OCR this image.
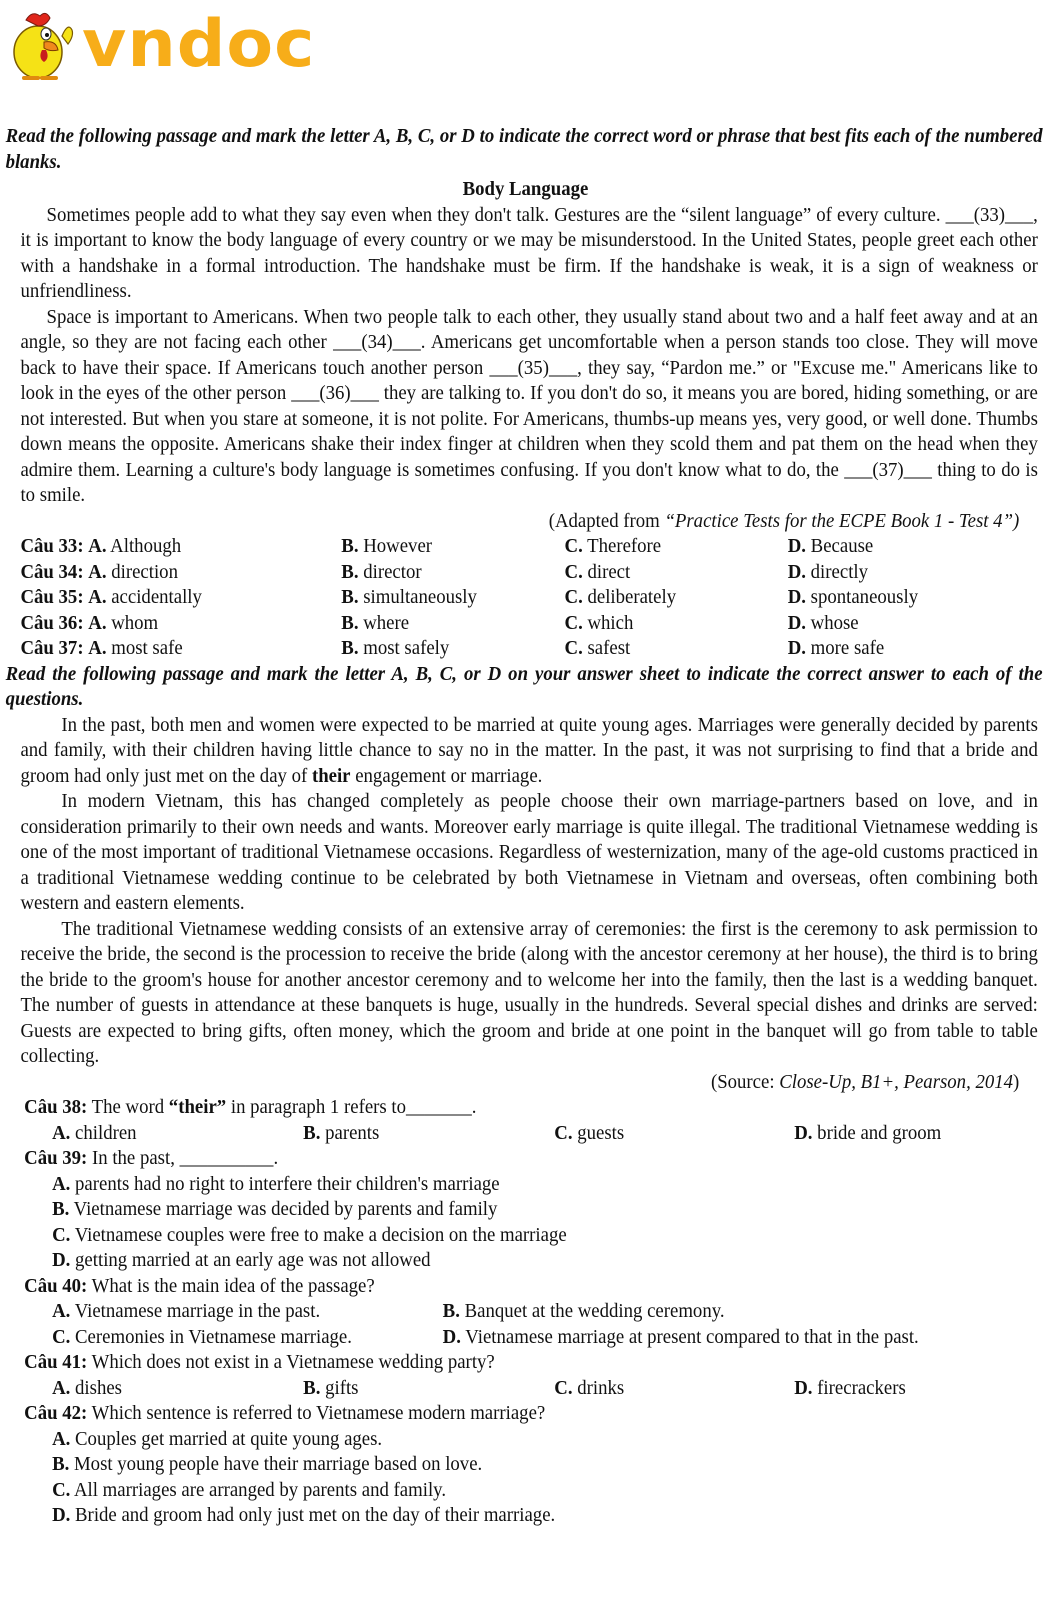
vndoc
Read the following passage and mark the letter A, B, C, or D to indicate the correct word or phrase that best fits each of the numbered blanks.
Body Language
Sometimes people add to what they say even when they don't talk. Gestures are the “silent language” of every culture. ___(33)___, it is important to know the body language of every country or we may be misunderstood. In the United States, people greet each other with a handshake in a formal introduction. The handshake must be firm. If the handshake is weak, it is a sign of weakness or unfriendliness.
Space is important to Americans. When two people talk to each other, they usually stand about two and a half feet away and at an angle, so they are not facing each other ___(34)___. Americans get uncomfortable when a person stands too close. They will move back to have their space. If Americans touch another person ___(35)___, they say, “Pardon me.” or "Excuse me." Americans like to look in the eyes of the other person ___(36)___ they are talking to. If you don't do so, it means you are bored, hiding something, or are not interested. But when you stare at someone, it is not polite. For Americans, thumbs-up means yes, very good, or well done. Thumbs down means the opposite. Americans shake their index finger at children when they scold them and pat them on the head when they admire them. Learning a culture's body language is sometimes confusing. If you don't know what to do, the ___(37)___ thing to do is to smile.
(Adapted from “Practice Tests for the ECPE Book 1 - Test 4”)
Câu 33: A. Although	B. However	C. Therefore	D. Because
Câu 34: A. direction	B. director	C. direct	D. directly
Câu 35: A. accidentally	B. simultaneously	C. deliberately	D. spontaneously
Câu 36: A. whom	B. where	C. which	D. whose
Câu 37: A. most safe	B. most safely	C. safest	D. more safe
Read the following passage and mark the letter A, B, C, or D on your answer sheet to indicate the correct answer to each of the questions.
In the past, both men and women were expected to be married at quite young ages. Marriages were generally decided by parents and family, with their children having little chance to say no in the matter. In the past, it was not surprising to find that a bride and groom had only just met on the day of their engagement or marriage.
In modern Vietnam, this has changed completely as people choose their own marriage-partners based on love, and in consideration primarily to their own needs and wants. Moreover early marriage is quite illegal. The traditional Vietnamese wedding is one of the most important of traditional Vietnamese occasions. Regardless of westernization, many of the age-old customs practiced in a traditional Vietnamese wedding continue to be celebrated by both Vietnamese in Vietnam and overseas, often combining both western and eastern elements.
The traditional Vietnamese wedding consists of an extensive array of ceremonies: the first is the ceremony to ask permission to receive the bride, the second is the procession to receive the bride (along with the ancestor ceremony at her house), the third is to bring the bride to the groom's house for another ancestor ceremony and to welcome her into the family, then the last is a wedding banquet. The number of guests in attendance at these banquets is huge, usually in the hundreds. Several special dishes and drinks are served: Guests are expected to bring gifts, often money, which the groom and bride at one point in the banquet will go from table to table collecting.
(Source: Close-Up, B1+, Pearson, 2014)
Câu 38: The word “their” in paragraph 1 refers to_______.
A. children	B. parents	C. guests	D. bride and groom
Câu 39: In the past, __________.
A. parents had no right to interfere their children's marriage
B. Vietnamese marriage was decided by parents and family
C. Vietnamese couples were free to make a decision on the marriage
D. getting married at an early age was not allowed
Câu 40: What is the main idea of the passage?
A. Vietnamese marriage in the past.	B. Banquet at the wedding ceremony.
C. Ceremonies in Vietnamese marriage.	D. Vietnamese marriage at present compared to that in the past.
Câu 41: Which does not exist in a Vietnamese wedding party?
A. dishes	B. gifts	C. drinks	D. firecrackers
Câu 42: Which sentence is referred to Vietnamese modern marriage?
A. Couples get married at quite young ages.
B. Most young people have their marriage based on love.
C. All marriages are arranged by parents and family.
D. Bride and groom had only just met on the day of their marriage.
